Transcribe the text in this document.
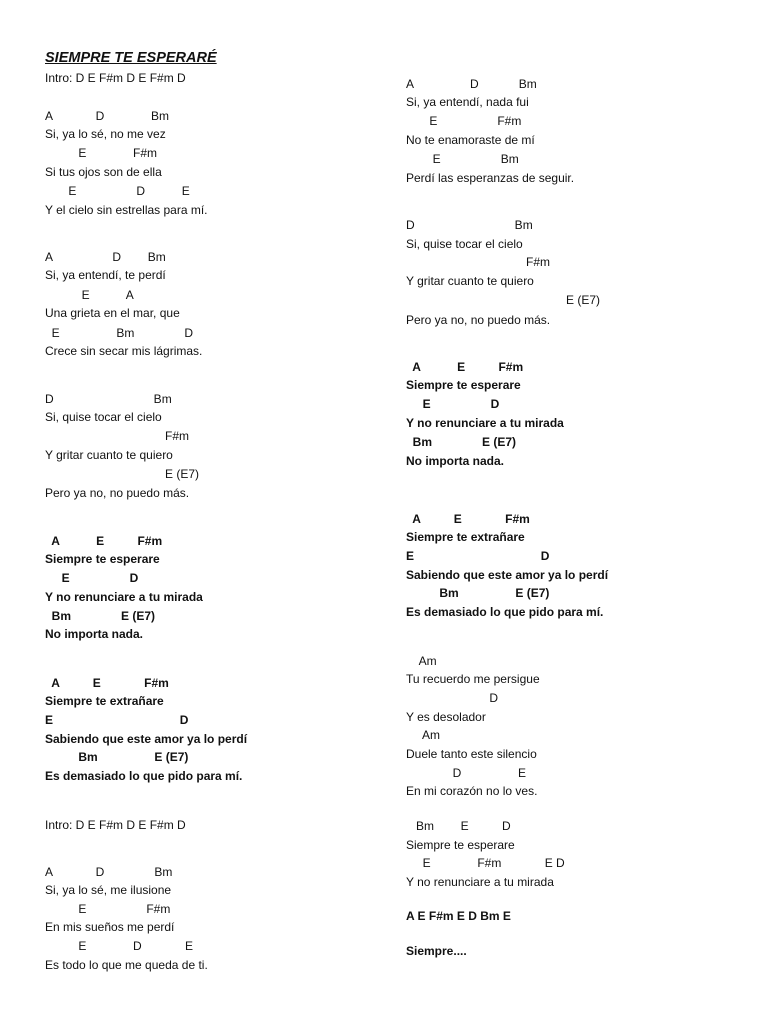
SIEMPRE TE ESPERARÉ
Intro: D E F#m D E F#m D
A             D              Bm
Si, ya lo sé, no me vez
E              F#m
Si tus ojos son de ella
E                  D           E
Y el cielo sin estrellas para mí.
A                  D        Bm
Si, ya entendí, te perdí
E           A
Una grieta en el mar, que
E                 Bm               D
Crece sin secar mis lágrimas.
D                              Bm
Si, quise tocar el cielo
F#m
Y gritar cuanto te quiero
E (E7)
Pero ya no, no puedo más.
A           E          F#m
Siempre te esperare
E                  D
Y no renunciare a tu mirada
Bm               E (E7)
No importa nada.
A          E             F#m
Siempre te extrañare
E                                      D
Sabiendo que este amor ya lo perdí
Bm                 E (E7)
Es demasiado lo que pido para mí.
Intro: D E F#m D E F#m D
A             D               Bm
Si, ya lo sé, me ilusione
E                  F#m
En mis sueños me perdí
E              D             E
Es todo lo que me queda de ti.
A                 D            Bm
Si, ya entendí, nada fui
E                  F#m
No te enamoraste de mí
E                  Bm
Perdí las esperanzas de seguir.
D                              Bm
Si, quise tocar el cielo
F#m
Y gritar cuanto te quiero
E (E7)
Pero ya no, no puedo más.
A           E          F#m
Siempre te esperare
E                  D
Y no renunciare a tu mirada
Bm               E (E7)
No importa nada.
A          E             F#m
Siempre te extrañare
E                                      D
Sabiendo que este amor ya lo perdí
Bm                 E (E7)
Es demasiado lo que pido para mí.
Am
Tu recuerdo me persigue
D
Y es desolador
Am
Duele tanto este silencio
D                 E
En mi corazón no lo ves.
Bm        E          D
Siempre te esperare
E              F#m             E D
Y no renunciare a tu mirada
A E F#m E D Bm E
Siempre....
